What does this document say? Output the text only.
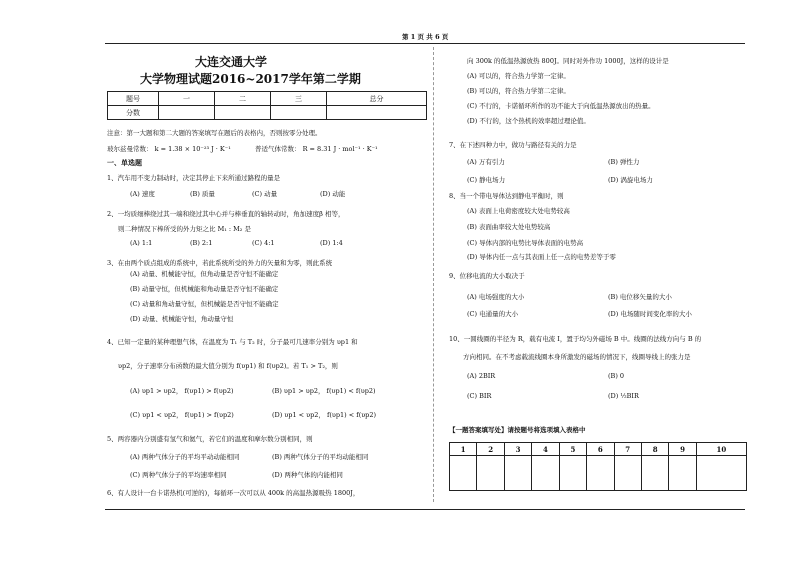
第 1 页 共 6 页
大连交通大学
大学物理试题2016~2017学年第二学期
题号	一	二	三	总分
分数				
注意：第一大题和第二大题的答案填写在题后的表格内，否则按零分处理。
玻尔兹曼常数： k = 1.38 × 10⁻²³ J · K⁻¹	普适气体常数： R = 8.31 J · mol⁻¹ · K⁻¹
一、单选题
1、汽车用不变力制动时，决定其停止下来所通过路程的量是
(A) 速度	(B) 质量	(C) 动量	(D) 动能
2、一均质细棒绕过其一端和绕过其中心并与棒垂直的轴转动时，角加速度β 相等，
则二种情况下棒所受的外力矩之比 M₁ : M₂ 是
(A) 1:1	(B) 2:1	(C) 4:1	(D) 1:4
3、在由两个质点组成的系统中，若此系统所受的外力的矢量和为零，则此系统
(A) 动量、机械能守恒，但角动量是否守恒不能确定
(B) 动量守恒，但机械能和角动量是否守恒不能确定
(C) 动量和角动量守恒，但机械能是否守恒不能确定
(D) 动量、机械能守恒，角动量守恒
4、已知一定量的某种理想气体，在温度为 T₁ 与 T₂ 时，分子最可几速率分别为 υp1 和
υp2，分子速率分布函数的最大值分别为 f(υp1) 和 f(υp2)。若 T₁ > T₂，则
(A) υp1 > υp2， f(υp1) > f(υp2)	(B) υp1 > υp2， f(υp1) < f(υp2)
(C) υp1 < υp2， f(υp1) > f(υp2)	(D) υp1 < υp2， f(υp1) < f(υp2)
5、两容器内分别盛有氢气和氦气，若它们的温度和摩尔数分别相同，则
(A) 两种气体分子的平均平动动能相同	(B) 两种气体分子的平均动能相同
(C) 两种气体分子的平均速率相同	(D) 两种气体的内能相同
6、有人设计一台卡诺热机(可逆的)，每循环一次可以从 400k 的高温热源吸热 1800J，
向 300k 的低温热源放热 800J。同时对外作功 1000J，这样的设计是
(A) 可以的，符合热力学第一定律。
(B) 可以的，符合热力学第二定律。
(C) 不行的，卡诺循环所作的功不能大于向低温热源放出的热量。
(D) 不行的，这个热机的效率超过理论值。
7、在下述四种力中，做功与路径有关的力是
(A) 万有引力	(B) 弹性力
(C) 静电场力	(D) 涡旋电场力
8、当一个带电导体达到静电平衡时，则
(A) 表面上电荷密度较大处电势较高
(B) 表面曲率较大处电势较高
(C) 导体内部的电势比导体表面的电势高
(D) 导体内任一点与其表面上任一点的电势差等于零
9、位移电流的大小取决于
(A) 电场强度的大小	(B) 电位移矢量的大小
(C) 电通量的大小	(D) 电场随时间变化率的大小
10、一圆线圈的半径为 R，载有电流 I，置于均匀外磁场 B 中。线圈的法线方向与 B 的
方向相同。在不考虑载流线圈本身所激发的磁场的情况下，线圈导线上的张力是
(A) 2BIR	(B) 0
(C) BIR	(D) ½BIR
【一题答案填写处】请按题号将选项填入表格中
1	2	3	4	5	6	7	8	9	10
